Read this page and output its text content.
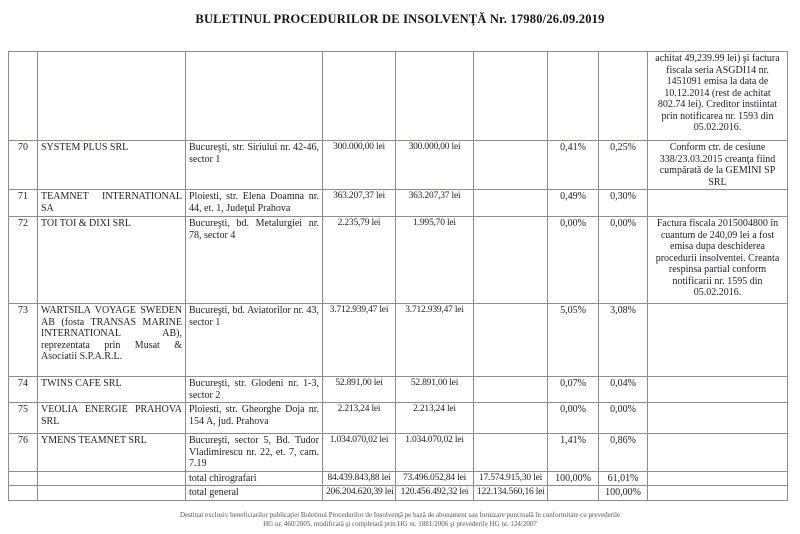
BULETINUL PROCEDURILOR DE INSOLVENŢĂ Nr. 17980/26.09.2019
								achitat 49,239.99 lei) şi factura fiscala seria ASGDI14 nr. 1451091 emisa la data de 10.12.2014 (rest de achitat 802.74 lei). Creditor instiintat prin notificarea nr. 1593 din 05.02.2016.
70	SYSTEM PLUS SRL	Bucureşti, str. Siriului nr. 42-46, sector 1	300.000,00 lei	300.000,00 lei		0,41%	0,25%	Conform ctr. de cesiune 338/23.03.2015 creanţa fiind cumpărată de la GEMINI SP SRL
71	TEAMNET INTERNATIONAL SA	Ploiesti, str. Elena Doamna nr. 44, et. 1, Judeţul Prahova	363.207,37 lei	363.207,37 lei		0,49%	0,30%	
72	TOI TOI & DIXI SRL	Bucureşti, bd. Metalurgiei nr. 78, sector 4	2.235,79 lei	1.995,70 lei		0,00%	0,00%	Factura fiscala 2015004800 în cuantum de 240,09 lei a fost emisa dupa deschiderea procedurii insolventei. Creanta respinsa partial conform notificarii nr. 1595 din 05.02.2016.
73	WARTSILA VOYAGE SWEDEN AB (fosta TRANSAS MARINE INTERNATIONAL AB), reprezentata prin Musat & Asociatii S.P.A.R.L.	Bucureşti, bd. Aviatorilor nr. 43, sector 1	3.712.939,47 lei	3.712.939,47 lei		5,05%	3,08%	
74	TWINS CAFE SRL	Bucureşti, str. Glodeni nr. 1-3, sector 2	52.891,00 lei	52.891,00 lei		0,07%	0,04%	
75	VEOLIA ENERGIE PRAHOVA SRL	Ploiesti, str. Gheorghe Doja nr. 154 A, jud. Prahova	2.213,24 lei	2.213,24 lei		0,00%	0,00%	
76	YMENS TEAMNET SRL	Bucureşti, sector 5, Bd. Tudor Vladimirescu nr. 22, et. 7, cam. 7.19	1.034.070,02 lei	1.034.070,02 lei		1,41%	0,86%	
		total chirografari	84.439.843,88 lei	73.496.052,84 lei	17.574.915,30 lei	100,00%	61,01%	
		total general	206.204.620,39 lei	120.456.492,32 lei	122.134.560,16 lei		100,00%	
Destinat exclusiv beneficiarilor publicaţiei Buletinul Procedurilor de Insolvenţă pe bază de abonament sau furnizare punctuală în conformitate cu prevederile
HG nr. 460/2005, modificată şi completată prin HG nr. 1881/2006 şi prevederile HG nr. 124/2007
